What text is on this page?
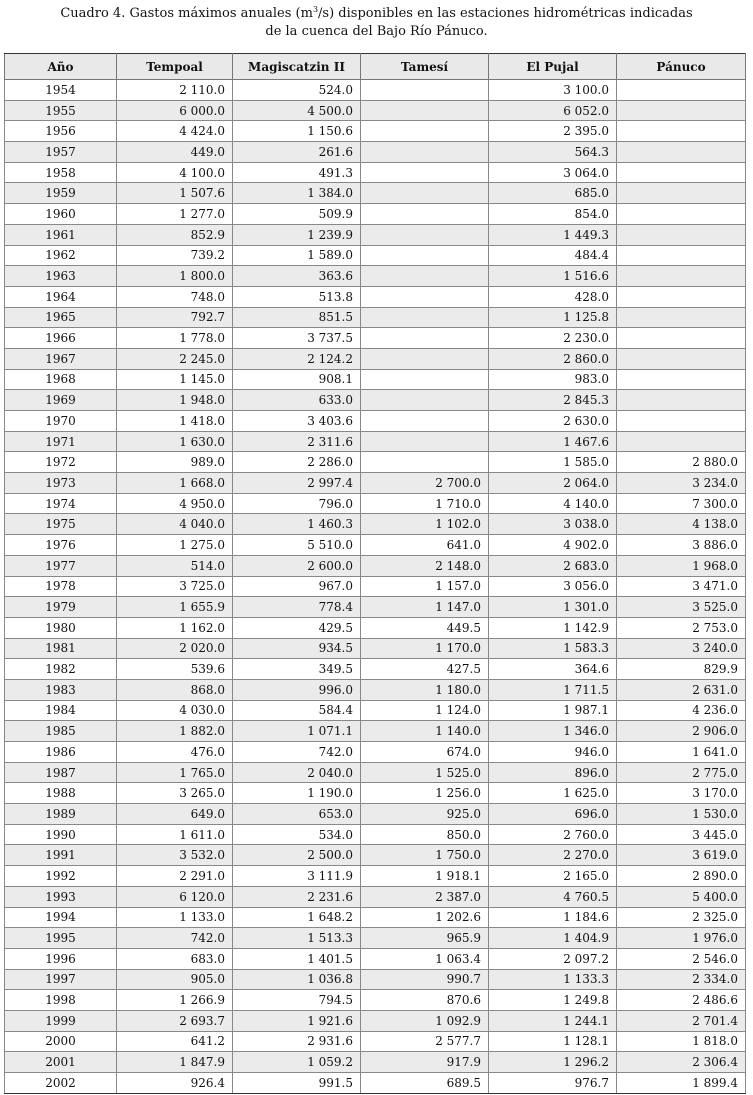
Cuadro 4. Gastos máximos anuales $(m^3/s)$ disponibles en las estaciones hidrométricas indicadas
de la cuenca del Bajo Río Pánuco.
Año	Tempoal	Magiscatzin II	Tamesí	El Pujal	Pánuco
1954	2 110.0	524.0		3 100.0	
1955	6 000.0	4 500.0		6 052.0	
1956	4 424.0	1 150.6		2 395.0	
1957	449.0	261.6		564.3	
1958	4 100.0	491.3		3 064.0	
1959	1 507.6	1 384.0		685.0	
1960	1 277.0	509.9		854.0	
1961	852.9	1 239.9		1 449.3	
1962	739.2	1 589.0		484.4	
1963	1 800.0	363.6		1 516.6	
1964	748.0	513.8		428.0	
1965	792.7	851.5		1 125.8	
1966	1 778.0	3 737.5		2 230.0	
1967	2 245.0	2 124.2		2 860.0	
1968	1 145.0	908.1		983.0	
1969	1 948.0	633.0		2 845.3	
1970	1 418.0	3 403.6		2 630.0	
1971	1 630.0	2 311.6		1 467.6	
1972	989.0	2 286.0		1 585.0	2 880.0
1973	1 668.0	2 997.4	2 700.0	2 064.0	3 234.0
1974	4 950.0	796.0	1 710.0	4 140.0	7 300.0
1975	4 040.0	1 460.3	1 102.0	3 038.0	4 138.0
1976	1 275.0	5 510.0	641.0	4 902.0	3 886.0
1977	514.0	2 600.0	2 148.0	2 683.0	1 968.0
1978	3 725.0	967.0	1 157.0	3 056.0	3 471.0
1979	1 655.9	778.4	1 147.0	1 301.0	3 525.0
1980	1 162.0	429.5	449.5	1 142.9	2 753.0
1981	2 020.0	934.5	1 170.0	1 583.3	3 240.0
1982	539.6	349.5	427.5	364.6	829.9
1983	868.0	996.0	1 180.0	1 711.5	2 631.0
1984	4 030.0	584.4	1 124.0	1 987.1	4 236.0
1985	1 882.0	1 071.1	1 140.0	1 346.0	2 906.0
1986	476.0	742.0	674.0	946.0	1 641.0
1987	1 765.0	2 040.0	1 525.0	896.0	2 775.0
1988	3 265.0	1 190.0	1 256.0	1 625.0	3 170.0
1989	649.0	653.0	925.0	696.0	1 530.0
1990	1 611.0	534.0	850.0	2 760.0	3 445.0
1991	3 532.0	2 500.0	1 750.0	2 270.0	3 619.0
1992	2 291.0	3 111.9	1 918.1	2 165.0	2 890.0
1993	6 120.0	2 231.6	2 387.0	4 760.5	5 400.0
1994	1 133.0	1 648.2	1 202.6	1 184.6	2 325.0
1995	742.0	1 513.3	965.9	1 404.9	1 976.0
1996	683.0	1 401.5	1 063.4	2 097.2	2 546.0
1997	905.0	1 036.8	990.7	1 133.3	2 334.0
1998	1 266.9	794.5	870.6	1 249.8	2 486.6
1999	2 693.7	1 921.6	1 092.9	1 244.1	2 701.4
2000	641.2	2 931.6	2 577.7	1 128.1	1 818.0
2001	1 847.9	1 059.2	917.9	1 296.2	2 306.4
2002	926.4	991.5	689.5	976.7	1 899.4
